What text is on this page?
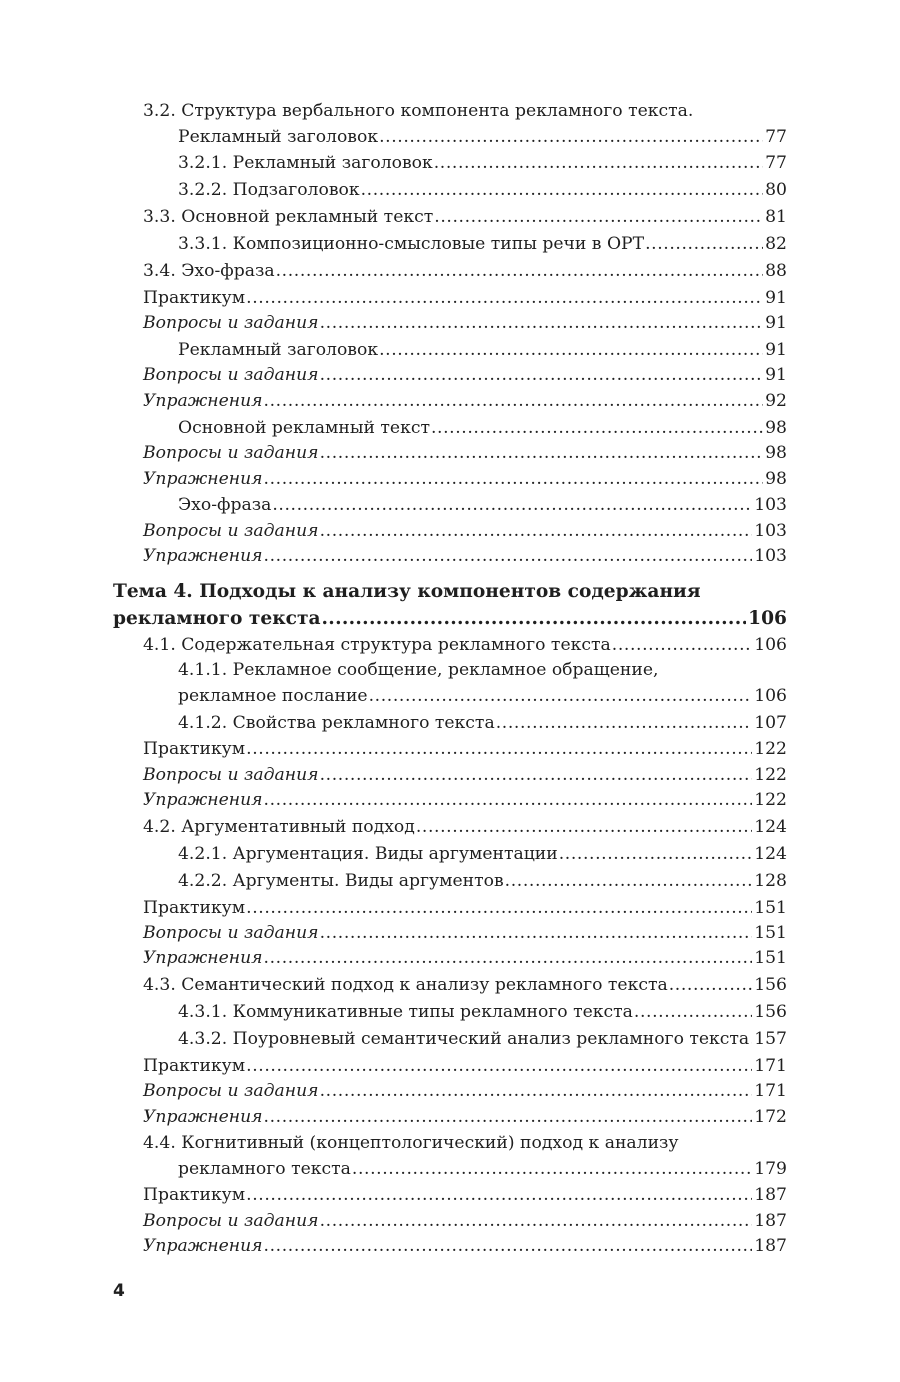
3.2. Структура вербального компонента рекламного текста.
Рекламный заголовок .....	77
3.2.1. Рекламный заголовок .....	77
3.2.2. Подзаголовок .....	80
3.3. Основной рекламный текст .....	81
3.3.1. Композиционно-смысловые типы речи в ОРТ .....	82
3.4. Эхо-фраза .....	88
Практикум .....	91
Вопросы и задания .....	91
Рекламный заголовок .....	91
Вопросы и задания .....	91
Упражнения .....	92
Основной рекламный текст .....	98
Вопросы и задания .....	98
Упражнения .....	98
Эхо-фраза .....	103
Вопросы и задания .....	103
Упражнения .....	103
Тема 4. Подходы к анализу компонентов содержания
рекламного текста .....	106
4.1. Содержательная структура рекламного текста .....	106
4.1.1. Рекламное сообщение, рекламное обращение,
рекламное послание .....	106
4.1.2. Свойства рекламного текста .....	107
Практикум .....	122
Вопросы и задания .....	122
Упражнения .....	122
4.2. Аргументативный подход .....	124
4.2.1. Аргументация. Виды аргументации .....	124
4.2.2. Аргументы. Виды аргументов .....	128
Практикум .....	151
Вопросы и задания .....	151
Упражнения .....	151
4.3. Семантический подход к анализу рекламного текста .....	156
4.3.1. Коммуникативные типы рекламного текста .....	156
4.3.2. Поуровневый семантический анализ рекламного текста ..... 157
Практикум .....	171
Вопросы и задания .....	171
Упражнения .....	172
4.4. Когнитивный (концептологический) подход к анализу
рекламного текста .....	179
Практикум .....	187
Вопросы и задания .....	187
Упражнения .....	187
4
